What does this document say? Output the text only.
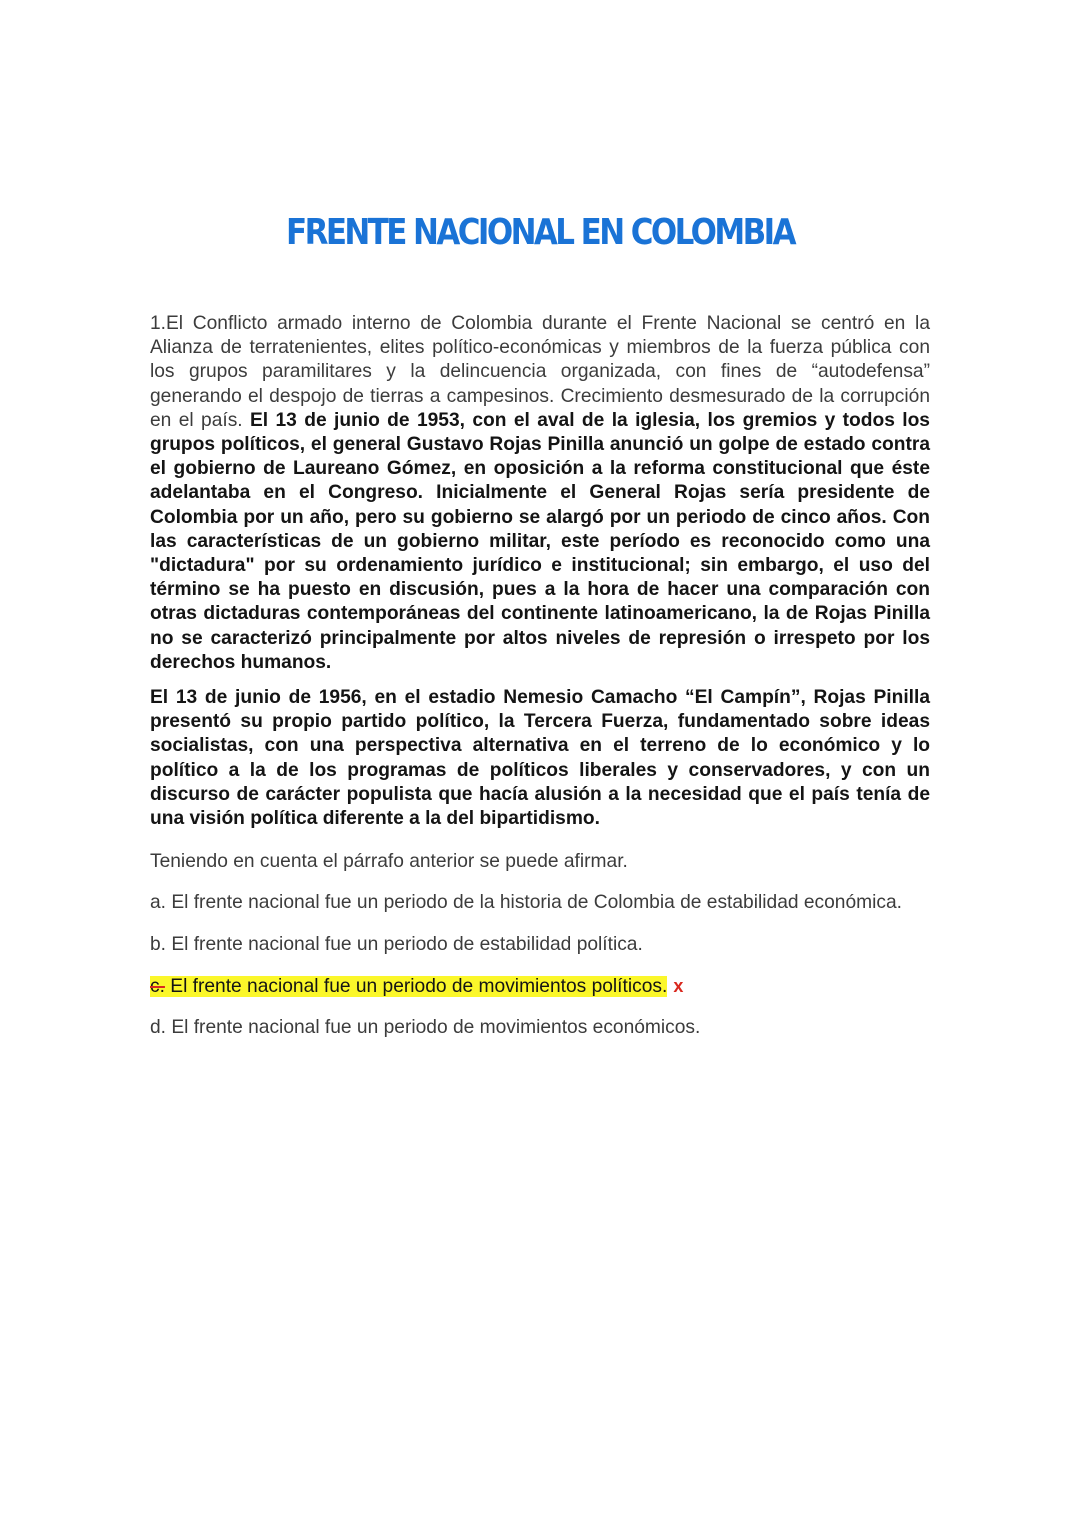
FRENTE NACIONAL EN COLOMBIA

1.El Conflicto armado interno de Colombia durante el Frente Nacional se centró en la Alianza de terratenientes, elites político-económicas y miembros de la fuerza pública con los grupos paramilitares y la delincuencia organizada, con fines de “autodefensa” generando el despojo de tierras a campesinos. Crecimiento desmesurado de la corrupción en el país. El 13 de junio de 1953, con el aval de la iglesia, los gremios y todos los grupos políticos, el general Gustavo Rojas Pinilla anunció un golpe de estado contra el gobierno de Laureano Gómez, en oposición a la reforma constitucional que éste adelantaba en el Congreso. Inicialmente el General Rojas sería presidente de Colombia por un año, pero su gobierno se alargó por un periodo de cinco años. Con las características de un gobierno militar, este período es reconocido como una "dictadura" por su ordenamiento jurídico e institucional; sin embargo, el uso del término se ha puesto en discusión, pues a la hora de hacer una comparación con otras dictaduras contemporáneas del continente latinoamericano, la de Rojas Pinilla no se caracterizó principalmente por altos niveles de represión o irrespeto por los derechos humanos.

El 13 de junio de 1956, en el estadio Nemesio Camacho “El Campín”, Rojas Pinilla presentó su propio partido político, la Tercera Fuerza, fundamentado sobre ideas socialistas, con una perspectiva alternativa en el terreno de lo económico y lo político a la de los programas de políticos liberales y conservadores, y con un discurso de carácter populista que hacía alusión a la necesidad que el país tenía de una visión política diferente a la del bipartidismo.

Teniendo en cuenta el párrafo anterior se puede afirmar.

a. El frente nacional fue un periodo de la historia de Colombia de estabilidad económica.

b. El frente nacional fue un periodo de estabilidad política.

c. El frente nacional fue un periodo de movimientos políticos. x

d. El frente nacional fue un periodo de movimientos económicos.
